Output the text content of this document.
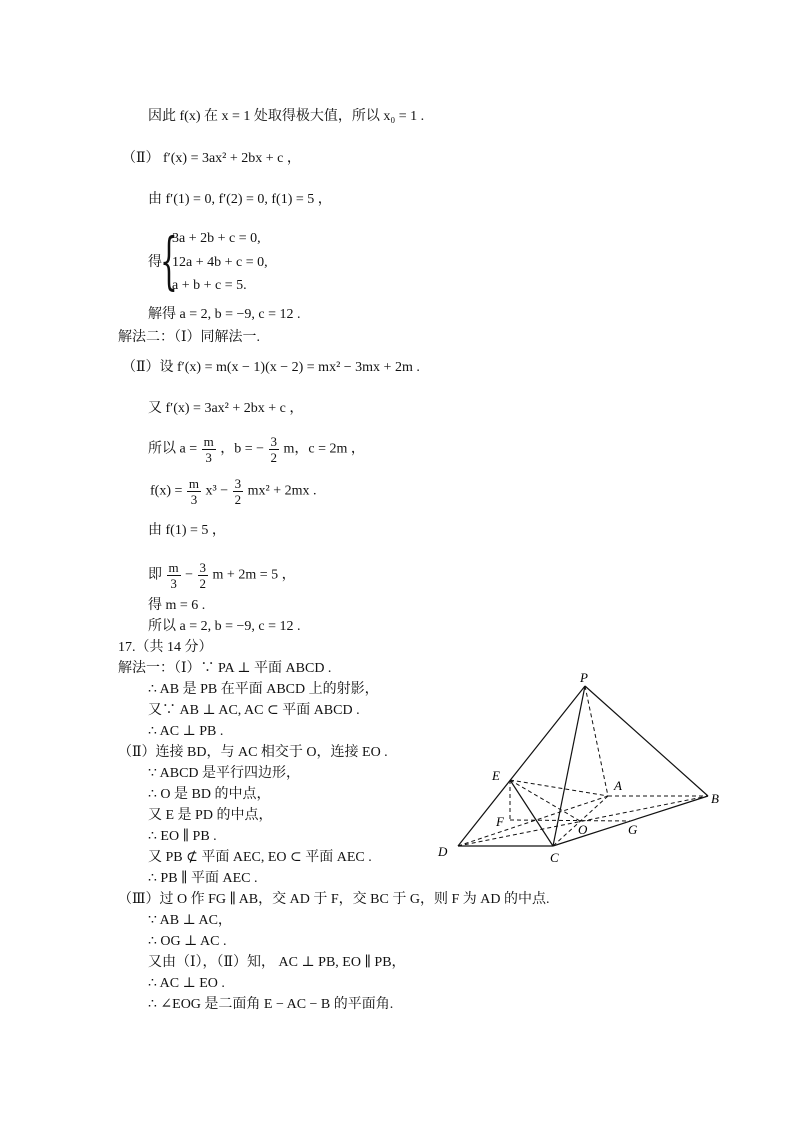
因此 f(x) 在 x = 1 处取得极大值，所以 x₀ = 1 .
（Ⅱ） f′(x) = 3ax² + 2bx + c ，
由 f′(1) = 0, f′(2) = 0, f(1) = 5 ，
得
{
3a + 2b + c = 0,
12a + 4b + c = 0,
a + b + c = 5.
解得 a = 2, b = −9, c = 12 .
解法二：（Ⅰ）同解法一.
（Ⅱ）设 f′(x) = m(x − 1)(x − 2) = mx² − 3mx + 2m .
又 f′(x) = 3ax² + 2bx + c ，
所以 $a = \frac{m}{3}$ ，b = − $\frac{3}{2}$ m，c = 2m ，
$f(x) = \frac{m}{3} x^3 - \frac{3}{2} mx^2 + 2mx$ .
由 f(1) = 5 ，
即 $\frac{m}{3} - \frac{3}{2}$ m + 2m = 5 ，
得 m = 6 .
所以 a = 2, b = −9, c = 12 .
17.（共 14 分）
解法一：（Ⅰ）∵ PA ⊥ 平面 ABCD .
∴ AB 是 PB 在平面 ABCD 上的射影，
又∵ AB ⊥ AC, AC ⊂ 平面 ABCD .
∴ AC ⊥ PB .
（Ⅱ）连接 BD，与 AC 相交于 O，连接 EO .
∵ ABCD 是平行四边形，
∴ O 是 BD 的中点，
又 E 是 PD 的中点，
∴ EO ∥ PB .
又 PB ⊄ 平面 AEC, EO ⊂ 平面 AEC .
∴ PB ∥ 平面 AEC .
（Ⅲ）过 O 作 FG ∥ AB，交 AD 于 F，交 BC 于 G，则 F 为 AD 的中点.
∵ AB ⊥ AC，
∴ OG ⊥ AC .
又由（Ⅰ），（Ⅱ）知， AC ⊥ PB, EO ∥ PB，
∴ AC ⊥ EO .
∴ ∠EOG 是二面角 E − AC − B 的平面角.
P
E
A
B
F
O	G
D	C
